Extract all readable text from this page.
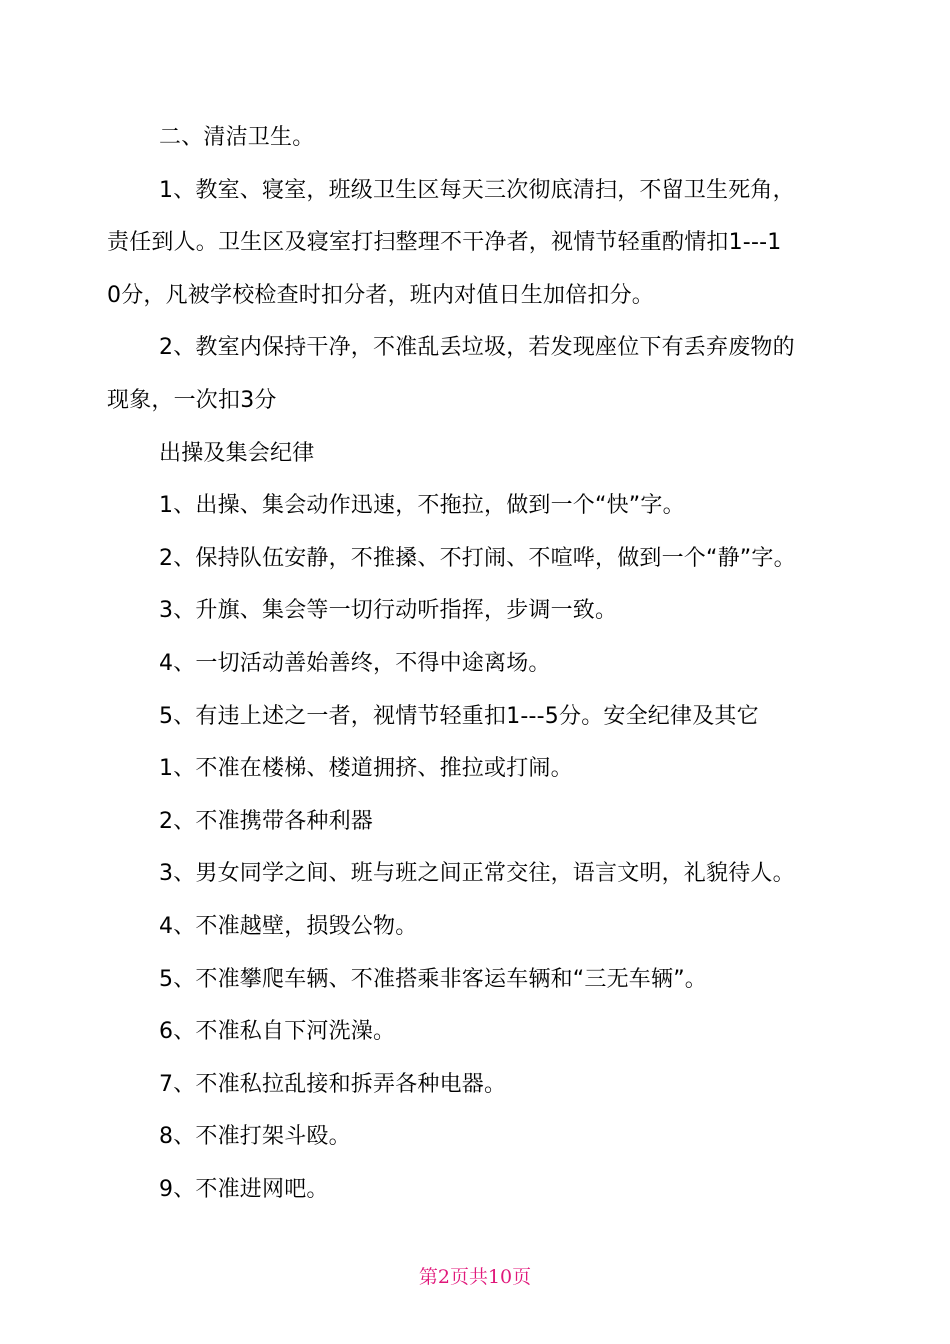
二、清洁卫生。
1、教室、寝室，班级卫生区每天三次彻底清扫，不留卫生死角，
责任到人。卫生区及寝室打扫整理不干净者，视情节轻重酌情扣1---1
0分，凡被学校检查时扣分者，班内对值日生加倍扣分。
2、教室内保持干净，不准乱丢垃圾，若发现座位下有丢弃废物的
现象，一次扣3分
出操及集会纪律
1、出操、集会动作迅速，不拖拉，做到一个“快”字。
2、保持队伍安静，不推搡、不打闹、不喧哗，做到一个“静”字。
3、升旗、集会等一切行动听指挥，步调一致。
4、一切活动善始善终，不得中途离场。
5、有违上述之一者，视情节轻重扣1---5分。安全纪律及其它
1、不准在楼梯、楼道拥挤、推拉或打闹。
2、不准携带各种利器
3、男女同学之间、班与班之间正常交往，语言文明，礼貌待人。
4、不准越壁，损毁公物。
5、不准攀爬车辆、不准搭乘非客运车辆和“三无车辆”。
6、不准私自下河洗澡。
7、不准私拉乱接和拆弄各种电器。
8、不准打架斗殴。
9、不准进网吧。
第2页共10页
